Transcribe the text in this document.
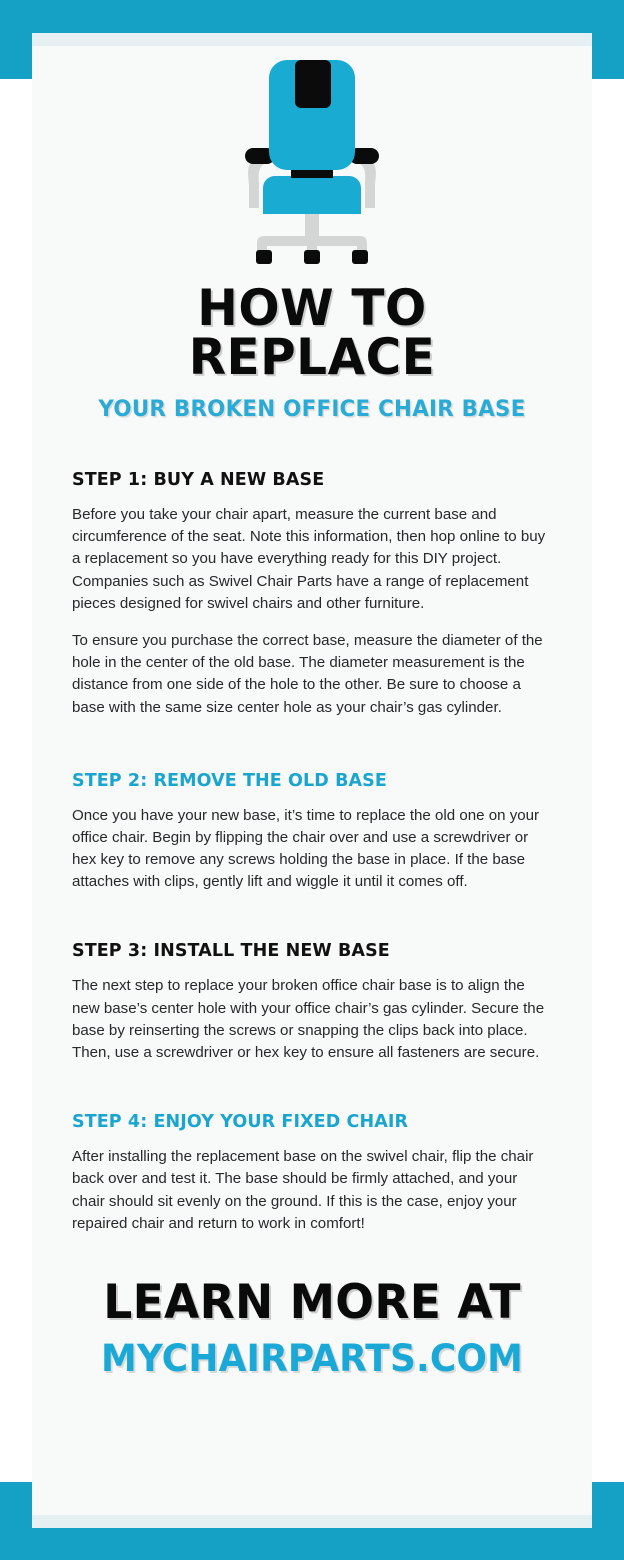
HOW TO REPLACE
YOUR BROKEN OFFICE CHAIR BASE
STEP 1: BUY A NEW BASE

Before you take your chair apart, measure the current base and circumference of the seat. Note this information, then hop online to buy a replacement so you have everything ready for this DIY project. Companies such as Swivel Chair Parts have a range of replacement pieces designed for swivel chairs and other furniture.

To ensure you purchase the correct base, measure the diameter of the hole in the center of the old base. The diameter measurement is the distance from one side of the hole to the other. Be sure to choose a base with the same size center hole as your chair’s gas cylinder.

STEP 2: REMOVE THE OLD BASE

Once you have your new base, it’s time to replace the old one on your office chair. Begin by flipping the chair over and use a screwdriver or hex key to remove any screws holding the base in place. If the base attaches with clips, gently lift and wiggle it until it comes off.

STEP 3: INSTALL THE NEW BASE

The next step to replace your broken office chair base is to align the new base’s center hole with your office chair’s gas cylinder. Secure the base by reinserting the screws or snapping the clips back into place. Then, use a screwdriver or hex key to ensure all fasteners are secure.

STEP 4: ENJOY YOUR FIXED CHAIR

After installing the replacement base on the swivel chair, flip the chair back over and test it. The base should be firmly attached, and your chair should sit evenly on the ground. If this is the case, enjoy your repaired chair and return to work in comfort!

LEARN MORE AT
MYCHAIRPARTS.COM
